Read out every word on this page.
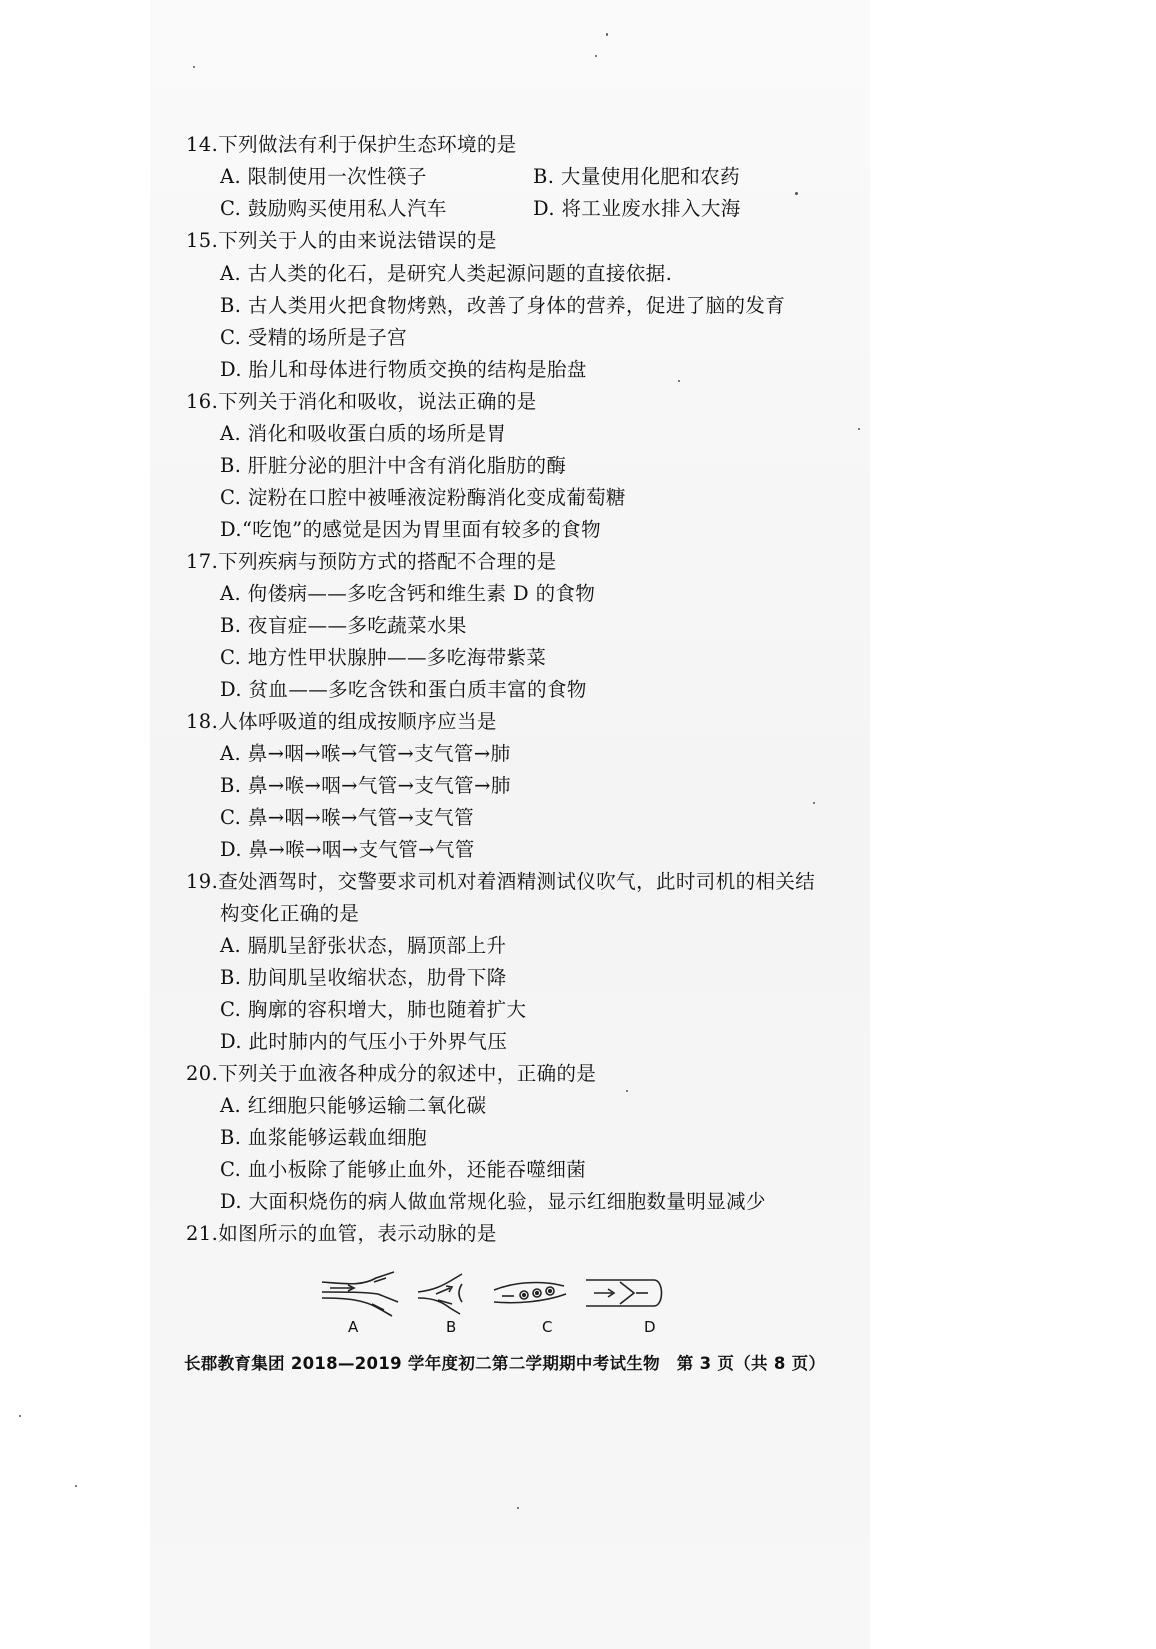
14.下列做法有利于保护生态环境的是
A. 限制使用一次性筷子	B. 大量使用化肥和农药
C. 鼓励购买使用私人汽车	D. 将工业废水排入大海
15.下列关于人的由来说法错误的是
A. 古人类的化石，是研究人类起源问题的直接依据.
B. 古人类用火把食物烤熟，改善了身体的营养，促进了脑的发育
C. 受精的场所是子宫
D. 胎儿和母体进行物质交换的结构是胎盘
16.下列关于消化和吸收，说法正确的是
A. 消化和吸收蛋白质的场所是胃
B. 肝脏分泌的胆汁中含有消化脂肪的酶
C. 淀粉在口腔中被唾液淀粉酶消化变成葡萄糖
D.“吃饱”的感觉是因为胃里面有较多的食物
17.下列疾病与预防方式的搭配不合理的是
A. 佝偻病——多吃含钙和维生素 D 的食物
B. 夜盲症——多吃蔬菜水果
C. 地方性甲状腺肿——多吃海带紫菜
D. 贫血——多吃含铁和蛋白质丰富的食物
18.人体呼吸道的组成按顺序应当是
A. 鼻→咽→喉→气管→支气管→肺
B. 鼻→喉→咽→气管→支气管→肺
C. 鼻→咽→喉→气管→支气管
D. 鼻→喉→咽→支气管→气管
19.查处酒驾时，交警要求司机对着酒精测试仪吹气，此时司机的相关结
构变化正确的是
A. 膈肌呈舒张状态，膈顶部上升
B. 肋间肌呈收缩状态，肋骨下降
C. 胸廓的容积增大，肺也随着扩大
D. 此时肺内的气压小于外界气压
20.下列关于血液各种成分的叙述中，正确的是
A. 红细胞只能够运输二氧化碳
B. 血浆能够运载血细胞
C. 血小板除了能够止血外，还能吞噬细菌
D. 大面积烧伤的病人做血常规化验，显示红细胞数量明显减少
21.如图所示的血管，表示动脉的是
A	B	C	D
长郡教育集团 2018—2019 学年度初二第二学期期中考试生物　第 3 页（共 8 页）
